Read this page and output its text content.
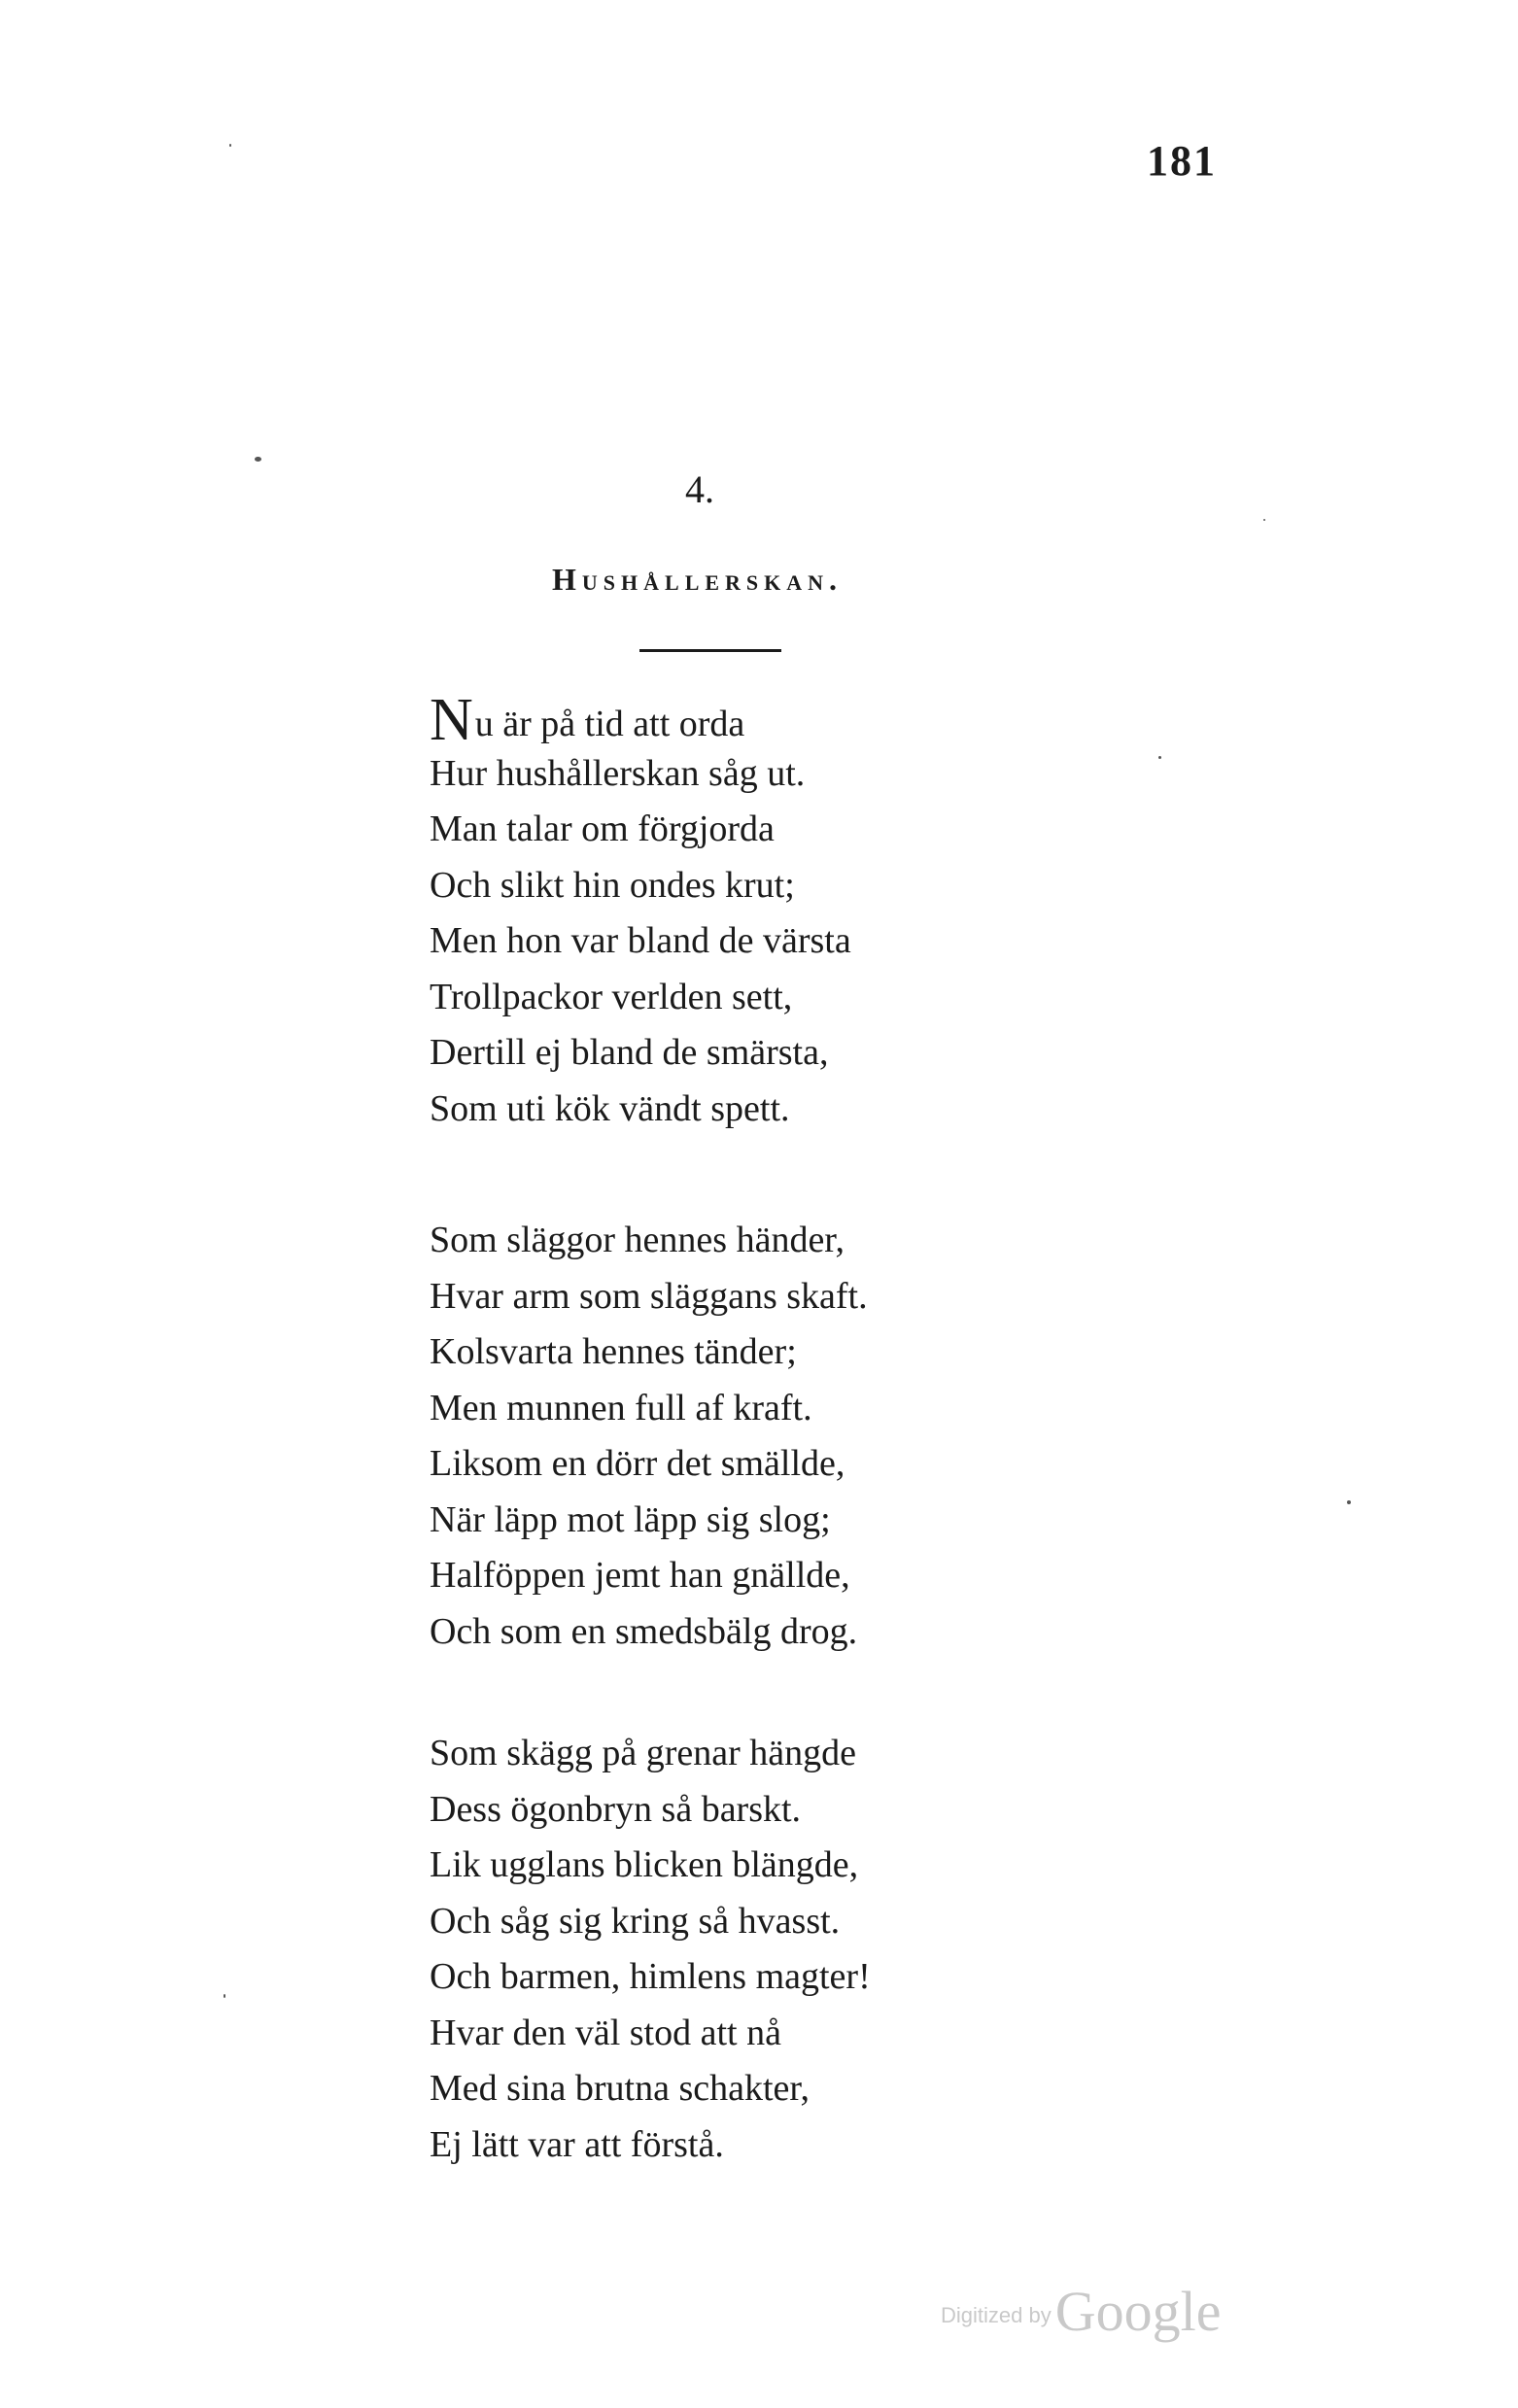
181
4.
Hushållerskan.
Nu är på tid att orda
Hur hushållerskan såg ut.
Man talar om förgjorda
Och slikt hin ondes krut;
Men hon var bland de värsta
Trollpackor verlden sett,
Dertill ej bland de smärsta,
Som uti kök vändt spett.
Som släggor hennes händer,
Hvar arm som släggans skaft.
Kolsvarta hennes tänder;
Men munnen full af kraft.
Liksom en dörr det smällde,
När läpp mot läpp sig slog;
Halföppen jemt han gnällde,
Och som en smedsbälg drog.
Som skägg på grenar hängde
Dess ögonbryn så barskt.
Lik ugglans blicken blängde,
Och såg sig kring så hvasst.
Och barmen, himlens magter!
Hvar den väl stod att nå
Med sina brutna schakter,
Ej lätt var att förstå.
Digitized byGoogle
